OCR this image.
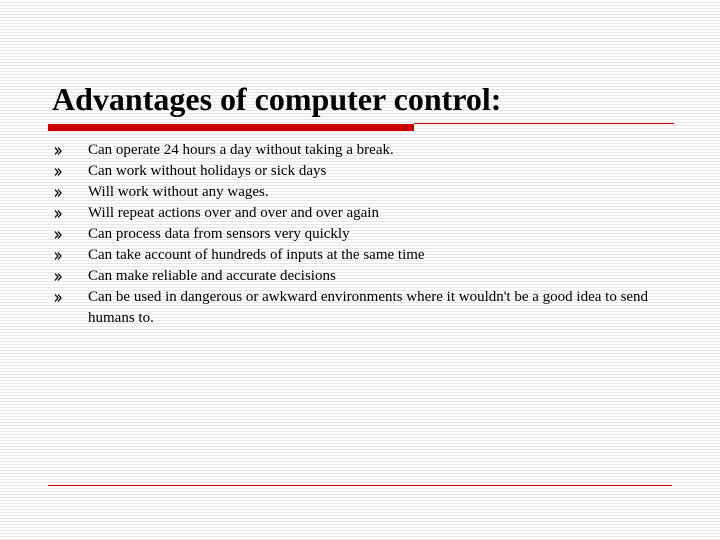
Advantages of computer control:
Can operate 24 hours a day without taking a break.
Can work without holidays or sick days
Will work without any wages.
Will repeat actions over and over and over again
Can process data from sensors very quickly
Can take account of hundreds of inputs at the same time
Can make reliable and accurate decisions
Can be used in dangerous or awkward environments where it wouldn't be a good idea to send humans to.
